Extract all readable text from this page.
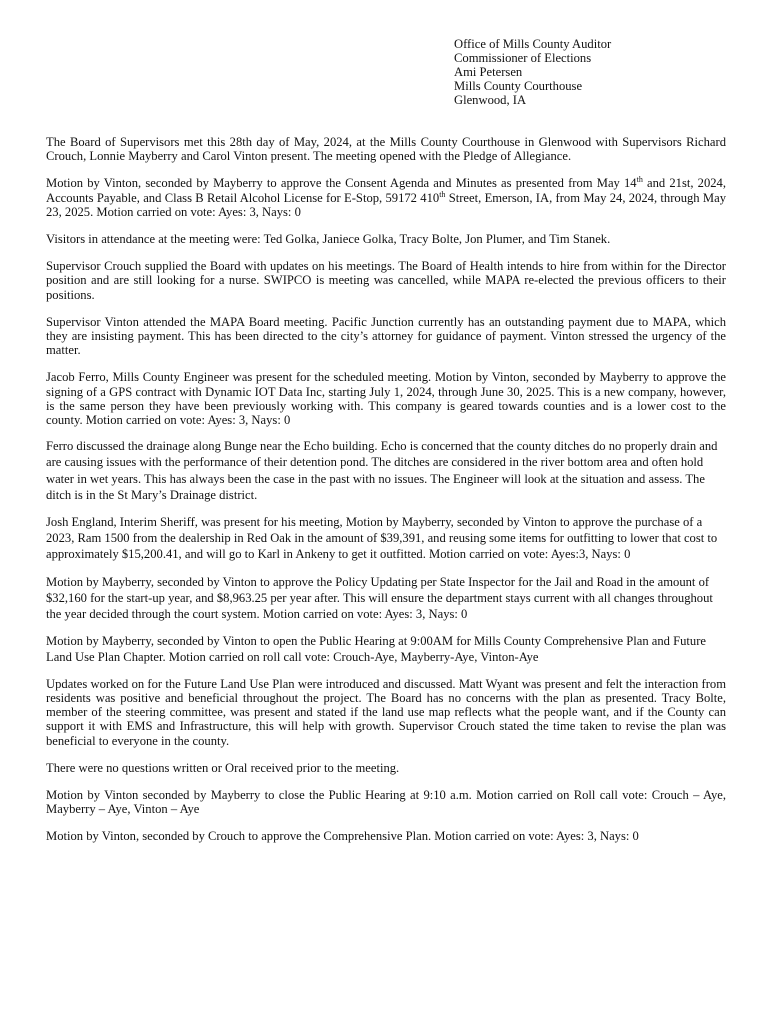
Office of Mills County Auditor
Commissioner of Elections
Ami Petersen
Mills County Courthouse
Glenwood, IA

The Board of Supervisors met this 28th day of May, 2024, at the Mills County Courthouse in Glenwood with Supervisors Richard Crouch, Lonnie Mayberry and Carol Vinton present. The meeting opened with the Pledge of Allegiance.

Motion by Vinton, seconded by Mayberry to approve the Consent Agenda and Minutes as presented from May 14th and 21st, 2024, Accounts Payable, and Class B Retail Alcohol License for E-Stop, 59172 410th Street, Emerson, IA, from May 24, 2024, through May 23, 2025. Motion carried on vote: Ayes: 3, Nays: 0

Visitors in attendance at the meeting were: Ted Golka, Janiece Golka, Tracy Bolte, Jon Plumer, and Tim Stanek.

Supervisor Crouch supplied the Board with updates on his meetings. The Board of Health intends to hire from within for the Director position and are still looking for a nurse. SWIPCO is meeting was cancelled, while MAPA re-elected the previous officers to their positions.

Supervisor Vinton attended the MAPA Board meeting. Pacific Junction currently has an outstanding payment due to MAPA, which they are insisting payment. This has been directed to the city’s attorney for guidance of payment. Vinton stressed the urgency of the matter.

Jacob Ferro, Mills County Engineer was present for the scheduled meeting. Motion by Vinton, seconded by Mayberry to approve the signing of a GPS contract with Dynamic IOT Data Inc, starting July 1, 2024, through June 30, 2025. This is a new company, however, is the same person they have been previously working with. This company is geared towards counties and is a lower cost to the county. Motion carried on vote: Ayes: 3, Nays: 0

Ferro discussed the drainage along Bunge near the Echo building. Echo is concerned that the county ditches do no properly drain and are causing issues with the performance of their detention pond. The ditches are considered in the river bottom area and often hold water in wet years. This has always been the case in the past with no issues. The Engineer will look at the situation and assess. The ditch is in the St Mary’s Drainage district.

Josh England, Interim Sheriff, was present for his meeting, Motion by Mayberry, seconded by Vinton to approve the purchase of a 2023, Ram 1500 from the dealership in Red Oak in the amount of $39,391, and reusing some items for outfitting to lower that cost to approximately $15,200.41, and will go to Karl in Ankeny to get it outfitted. Motion carried on vote: Ayes:3, Nays: 0

Motion by Mayberry, seconded by Vinton to approve the Policy Updating per State Inspector for the Jail and Road in the amount of $32,160 for the start-up year, and $8,963.25 per year after. This will ensure the department stays current with all changes throughout the year decided through the court system. Motion carried on vote: Ayes: 3, Nays: 0

Motion by Mayberry, seconded by Vinton to open the Public Hearing at 9:00AM for Mills County Comprehensive Plan and Future Land Use Plan Chapter. Motion carried on roll call vote: Crouch-Aye, Mayberry-Aye, Vinton-Aye

Updates worked on for the Future Land Use Plan were introduced and discussed. Matt Wyant was present and felt the interaction from residents was positive and beneficial throughout the project. The Board has no concerns with the plan as presented. Tracy Bolte, member of the steering committee, was present and stated if the land use map reflects what the people want, and if the County can support it with EMS and Infrastructure, this will help with growth. Supervisor Crouch stated the time taken to revise the plan was beneficial to everyone in the county.

There were no questions written or Oral received prior to the meeting.

Motion by Vinton seconded by Mayberry to close the Public Hearing at 9:10 a.m. Motion carried on Roll call vote: Crouch – Aye, Mayberry – Aye, Vinton – Aye

Motion by Vinton, seconded by Crouch to approve the Comprehensive Plan. Motion carried on vote: Ayes: 3, Nays: 0
